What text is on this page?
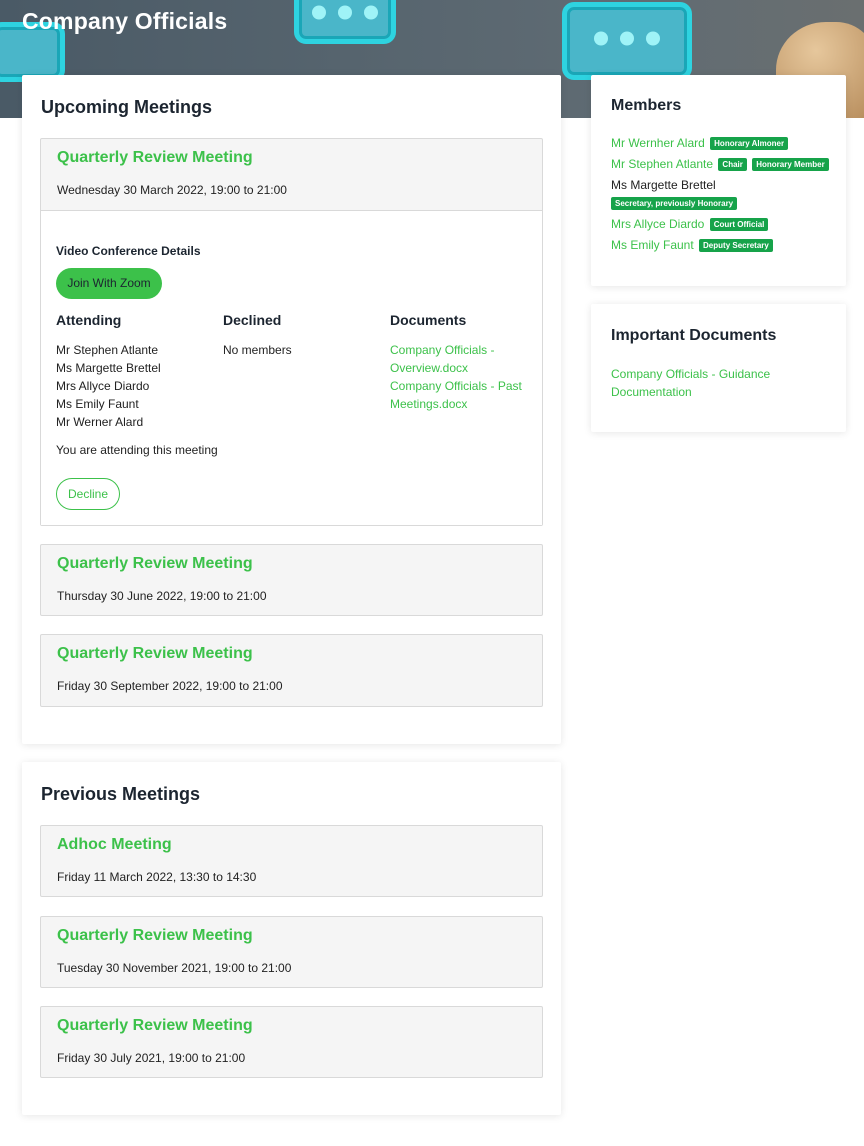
Company Officials
Upcoming Meetings
Quarterly Review Meeting
Wednesday 30 March 2022, 19:00 to 21:00
Video Conference Details
Join With Zoom
Attending
Mr Stephen Atlante
Ms Margette Brettel
Mrs Allyce Diardo
Ms Emily Faunt
Mr Werner Alard
Declined
No members
Documents
Company Officials -
Overview.docx
Company Officials - Past
Meetings.docx
You are attending this meeting
Decline
Quarterly Review Meeting
Thursday 30 June 2022, 19:00 to 21:00
Quarterly Review Meeting
Friday 30 September 2022, 19:00 to 21:00
Previous Meetings
Adhoc Meeting
Friday 11 March 2022, 13:30 to 14:30
Quarterly Review Meeting
Tuesday 30 November 2021, 19:00 to 21:00
Quarterly Review Meeting
Friday 30 July 2021, 19:00 to 21:00
Members
Mr Wernher Alard Honorary Almoner
Mr Stephen Atlante Chair Honorary Member
Ms Margette Brettel
Secretary, previously Honorary
Mrs Allyce Diardo Court Official
Ms Emily Faunt Deputy Secretary
Important Documents
Company Officials - Guidance
Documentation
